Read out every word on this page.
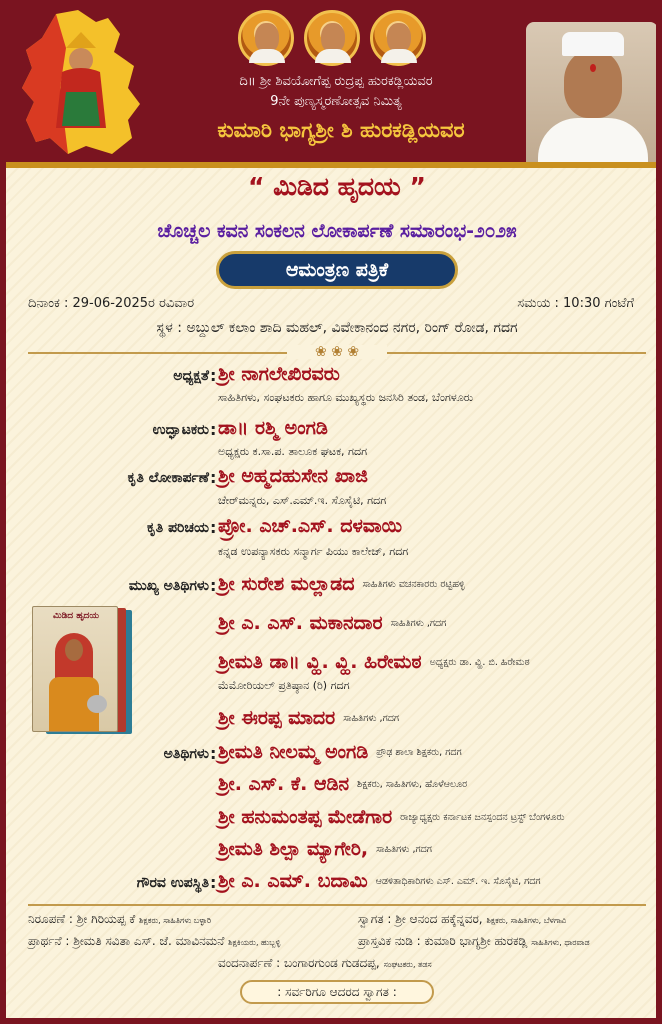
ದಿ॥ ಶ್ರೀ ಶಿವಯೋಗೆಪ್ಪ ರುದ್ರಪ್ಪ ಹುರಕಡ್ಲಿಯವರ
9ನೇ ಪುಣ್ಯಸ್ಮರಣೋತ್ಸವ ನಿಮಿತ್ಯ
ಕುಮಾರಿ ಭಾಗ್ಯಶ್ರೀ ಶಿ ಹುರಕಡ್ಲಿಯವರ
“ ಮಿಡಿದ ಹೃದಯ ”
ಚೊಚ್ಚಲ ಕವನ ಸಂಕಲನ ಲೋಕಾರ್ಪಣೆ ಸಮಾರಂಭ-೨೦೨೫
ಆಮಂತ್ರಣ ಪತ್ರಿಕೆ
ದಿನಾಂಕ : 29-06-2025ರ ರವಿವಾರ	ಸಮಯ : 10:30 ಗಂಟೆಗೆ
ಸ್ಥಳ : ಅಬ್ದುಲ್ ಕಲಾಂ ಶಾದಿ ಮಹಲ್, ವಿವೇಕಾನಂದ ನಗರ, ರಿಂಗ್ ರೋಡ, ಗದಗ
❀ ❀ ❀
ಅಧ್ಯಕ್ಷತೆ : ಶ್ರೀ ನಾಗಲೇಖಿರವರು
ಸಾಹಿತಿಗಳು, ಸಂಘಟಕರು ಹಾಗೂ ಮುಖ್ಯಸ್ಥರು ಜನಸಿರಿ ತಂಡ, ಬೆಂಗಳೂರು
ಉದ್ಘಾಟಕರು : ಡಾ॥ ರಶ್ಮಿ ಅಂಗಡಿ
ಅಧ್ಯಕ್ಷರು ಕ.ಸಾ.ಪ. ತಾಲೂಕ ಘಟಕ, ಗದಗ
ಕೃತಿ ಲೋಕಾರ್ಪಣೆ : ಶ್ರೀ ಅಹ್ಮದಹುಸೇನ ಖಾಜಿ
ಚೇರ್‌ಮನ್ನರು, ಎಸ್.ಎಮ್.ಇ. ಸೊಸೈಟಿ, ಗದಗ
ಕೃತಿ ಪರಿಚಯ : ಪ್ರೋ. ಎಚ್.ಎಸ್. ದಳವಾಯಿ
ಕನ್ನಡ ಉಪನ್ಯಾಸಕರು ಸನ್ಮಾರ್ಗ ಪಿಯು ಕಾಲೇಜ್, ಗದಗ
ಮುಖ್ಯ ಅತಿಥಿಗಳು : ಶ್ರೀ ಸುರೇಶ ಮಲ್ಲಾಡದ ಸಾಹಿತಿಗಳು ವಚನಕಾರರು ರಟ್ಟಿಹಳ್ಳಿ
ಶ್ರೀ ಎ. ಎಸ್. ಮಕಾನದಾರ ಸಾಹಿತಿಗಳು ,ಗದಗ
ಶ್ರೀಮತಿ ಡಾ॥ ವ್ಹಿ. ವ್ಹಿ. ಹಿರೇಮಠ ಅಧ್ಯಕ್ಷರು ಡಾ. ವ್ಹಿ. ಬಿ. ಹಿರೇಮಠ
ಮೆಮೋರಿಯಲ್ ಪ್ರತಿಷ್ಠಾನ (ರಿ) ಗದಗ
ಶ್ರೀ ಈರಪ್ಪ ಮಾದರ ಸಾಹಿತಿಗಳು ,ಗದಗ
ಮಿಡಿದ ಹೃದಯ
ಅತಿಥಿಗಳು : ಶ್ರೀಮತಿ ನೀಲಮ್ಮ ಅಂಗಡಿ ಪ್ರೌಢ ಶಾಲಾ ಶಿಕ್ಷಕರು, ಗದಗ
ಶ್ರೀ. ಎಸ್. ಕೆ. ಆಡಿನ ಶಿಕ್ಷಕರು, ಸಾಹಿತಿಗಳು, ಹೊಳೆಆಲೂರ
ಶ್ರೀ ಹನುಮಂತಪ್ಪ ಮೇಡೆಗಾರ ರಾಜ್ಯಾಧ್ಯಕ್ಷರು ಕರ್ನಾಟಕ ಜನಸ್ಪಂದನ ಟ್ರಸ್ಟ್ ಬೆಂಗಳೂರು
ಶ್ರೀಮತಿ ಶಿಲ್ಪಾ ಮ್ಯಾಗೇರಿ, ಸಾಹಿತಿಗಳು ,ಗದಗ
ಗೌರವ ಉಪಸ್ಥಿತಿ : ಶ್ರೀ ಎ. ಎಮ್. ಬದಾಮಿ ಆಡಳಿತಾಧಿಕಾರಿಗಳು ಎಸ್. ಎಮ್. ಇ. ಸೊಸೈಟಿ, ಗದಗ
ನಿರೂಪಣೆ : ಶ್ರೀ ಗಿರಿಯಪ್ಪ ಕೆ ಶಿಕ್ಷಕರು, ಸಾಹಿತಿಗಳು ಬಳ್ಳಾರಿ
ಪ್ರಾರ್ಥನೆ : ಶ್ರೀಮತಿ ಸವಿತಾ ಎಸ್. ಜೆ. ಮಾವಿನಮನೆ ಶಿಕ್ಷಕಿಯರು, ಹುಬ್ಬಳ್ಳಿ
ಸ್ವಾಗತ : ಶ್ರೀ ಆನಂದ ಹಕ್ಕೆನ್ನವರ, ಶಿಕ್ಷಕರು, ಸಾಹಿತಿಗಳು, ಬೆಳಗಾವಿ
ಪ್ರಾಸ್ತವಿಕ ನುಡಿ : ಕುಮಾರಿ ಭಾಗ್ಯಶ್ರೀ ಹುರಕಡ್ಲಿ ಸಾಹಿತಿಗಳು, ಧಾರವಾಡ
ವಂದನಾರ್ಪಣೆ : ಬಂಗಾರಗುಂಡ ಗುಡದಪ್ಪ, ಸಂಘಟಕರು, ತಡಸ
: ಸರ್ವರಿಗೂ ಆದರದ ಸ್ವಾಗತ :
